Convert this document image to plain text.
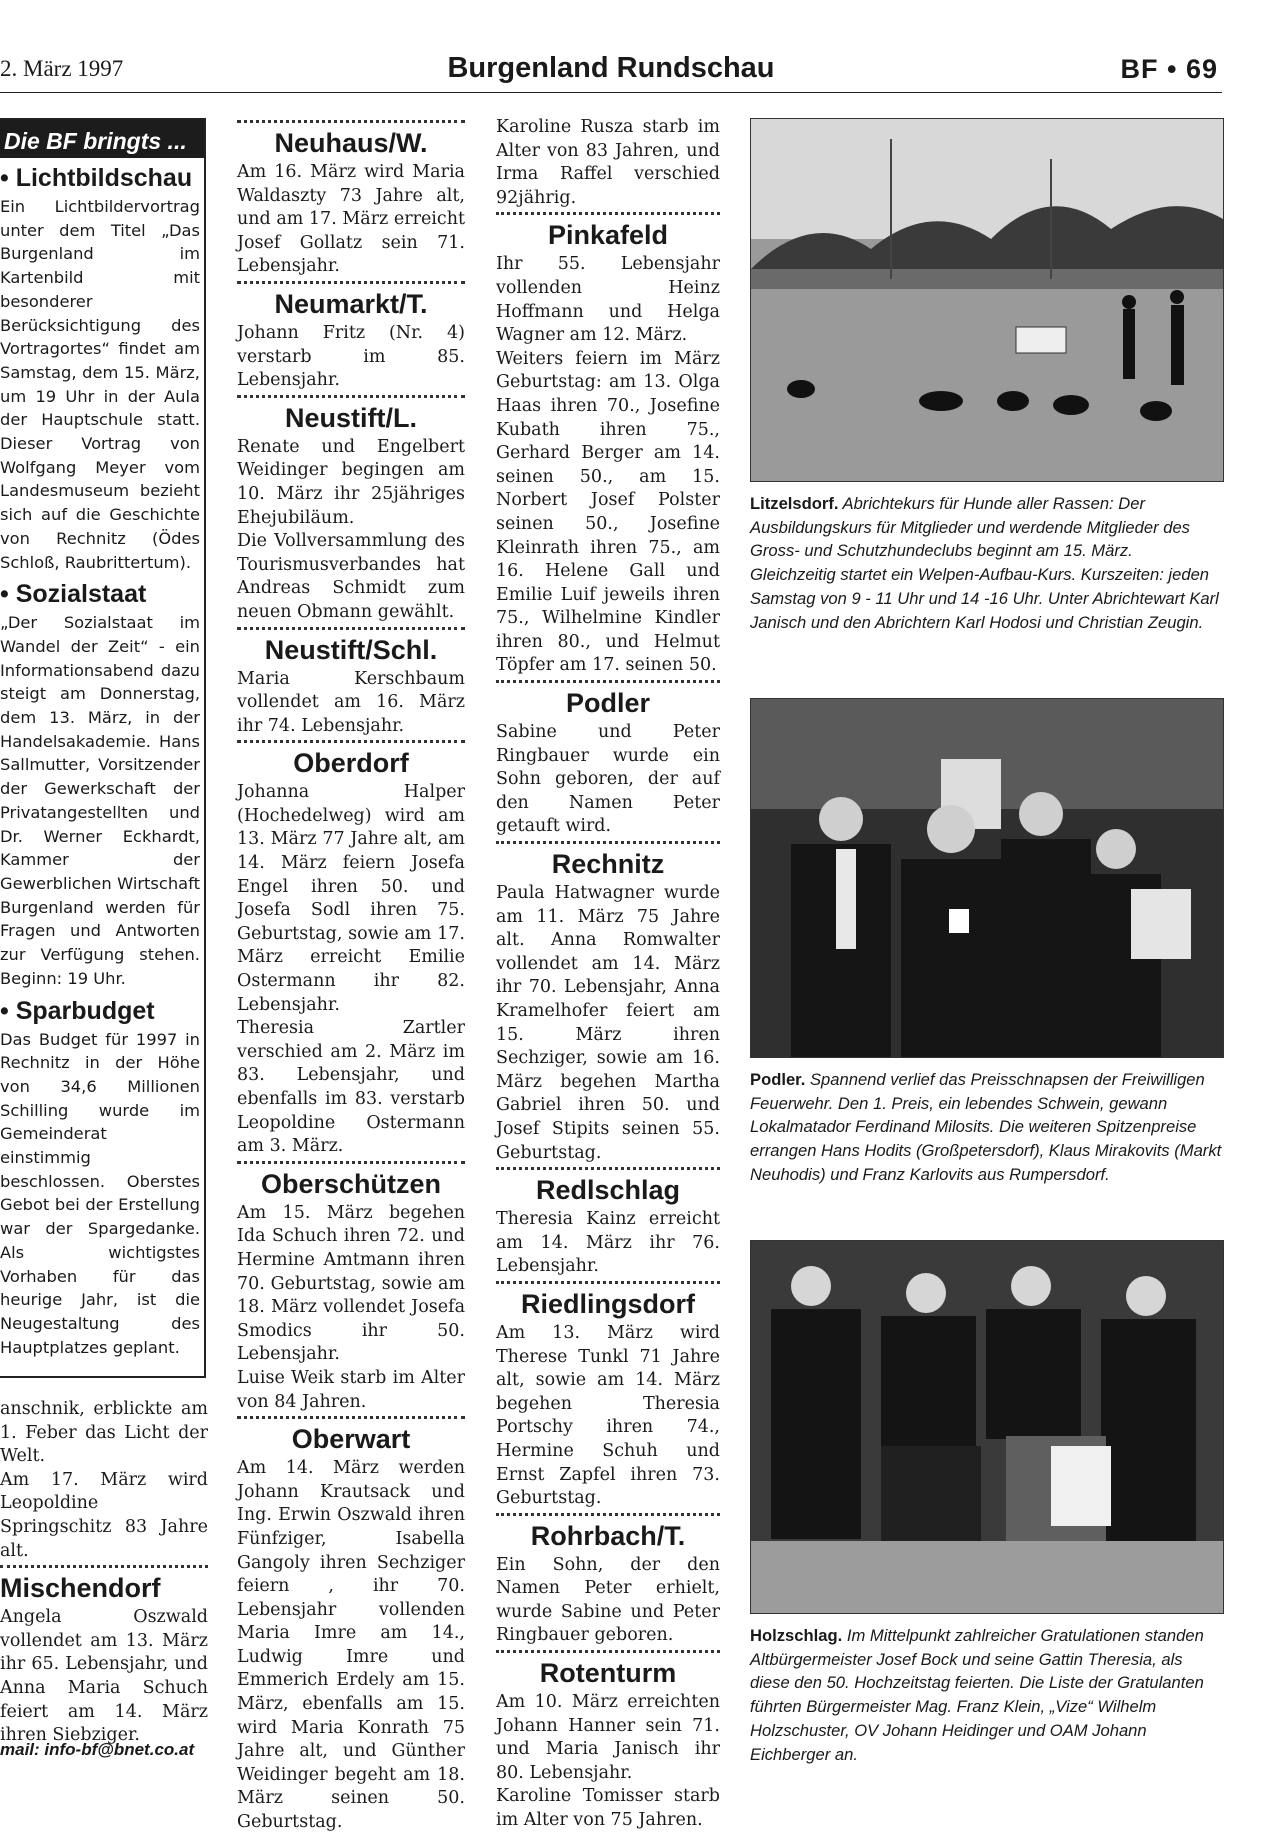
2. März 1997	Burgenland Rundschau	BF • 69
Die BF bringts ...
• Lichtbildschau

Ein Lichtbildervortrag unter dem Titel „Das Burgenland im Kartenbild mit besonderer Berücksichtigung des Vortragortes“ findet am Samstag, dem 15. März, um 19 Uhr in der Aula der Hauptschule statt. Dieser Vortrag von Wolfgang Meyer vom Landesmuseum bezieht sich auf die Geschichte von Rechnitz (Ödes Schloß, Raubrittertum).

• Sozialstaat

„Der Sozialstaat im Wandel der Zeit“ - ein Informationsabend dazu steigt am Donnerstag, dem 13. März, in der Handelsakademie. Hans Sallmutter, Vorsitzender der Gewerkschaft der Privatangestellten und Dr. Werner Eckhardt, Kammer der Gewerblichen Wirtschaft Burgenland werden für Fragen und Antworten zur Verfügung stehen. Beginn: 19 Uhr.

• Sparbudget

Das Budget für 1997 in Rechnitz in der Höhe von 34,6 Millionen Schilling wurde im Gemeinderat einstimmig beschlossen. Oberstes Gebot bei der Erstellung war der Spargedanke. Als wichtigstes Vorhaben für das heurige Jahr, ist die Neugestaltung des Hauptplatzes geplant.

anschnik, erblickte am 1. Feber das Licht der Welt.

Am 17. März wird Leopoldine Springschitz 83 Jahre alt.

Mischendorf

Angela Oszwald vollendet am 13. März ihr 65. Lebensjahr, und Anna Maria Schuch feiert am 14. März ihren Siebziger.

mail: info-bf@bnet.co.at
Neuhaus/W.

Am 16. März wird Maria Waldaszty 73 Jahre alt, und am 17. März erreicht Josef Gollatz sein 71. Lebensjahr.

Neumarkt/T.

Johann Fritz (Nr. 4) verstarb im 85. Lebensjahr.

Neustift/L.

Renate und Engelbert Weidinger begingen am 10. März ihr 25jähriges Ehejubiläum.

Die Vollversammlung des Tourismusverbandes hat Andreas Schmidt zum neuen Obmann gewählt.

Neustift/Schl.

Maria Kerschbaum vollendet am 16. März ihr 74. Lebensjahr.

Oberdorf

Johanna Halper (Hochedelweg) wird am 13. März 77 Jahre alt, am 14. März feiern Josefa Engel ihren 50. und Josefa Sodl ihren 75. Geburtstag, sowie am 17. März erreicht Emilie Ostermann ihr 82. Lebensjahr.

Theresia Zartler verschied am 2. März im 83. Lebensjahr, und ebenfalls im 83. verstarb Leopoldine Ostermann am 3. März.

Oberschützen

Am 15. März begehen Ida Schuch ihren 72. und Hermine Amtmann ihren 70. Geburtstag, sowie am 18. März vollendet Josefa Smodics ihr 50. Lebensjahr.

Luise Weik starb im Alter von 84 Jahren.

Oberwart

Am 14. März werden Johann Krautsack und Ing. Erwin Oszwald ihren Fünfziger, Isabella Gangoly ihren Sechziger feiern , ihr 70. Lebensjahr vollenden Maria Imre am 14., Ludwig Imre und Emmerich Erdely am 15. März, ebenfalls am 15. wird Maria Konrath 75 Jahre alt, und Günther Weidinger begeht am 18. März seinen 50. Geburtstag.

Karoline Rusza starb im Alter von 83 Jahren, und Irma Raffel verschied 92jährig.

Pinkafeld

Ihr 55. Lebensjahr vollenden Heinz Hoffmann und Helga Wagner am 12. März.

Weiters feiern im März Geburtstag: am 13. Olga Haas ihren 70., Josefine Kubath ihren 75., Gerhard Berger am 14. seinen 50., am 15. Norbert Josef Polster seinen 50., Josefine Kleinrath ihren 75., am 16. Helene Gall und Emilie Luif jeweils ihren 75., Wilhelmine Kindler ihren 80., und Helmut Töpfer am 17. seinen 50.

Podler

Sabine und Peter Ringbauer wurde ein Sohn geboren, der auf den Namen Peter getauft wird.

Rechnitz

Paula Hatwagner wurde am 11. März 75 Jahre alt. Anna Romwalter vollendet am 14. März ihr 70. Lebensjahr, Anna Kramelhofer feiert am 15. März ihren Sechziger, sowie am 16. März begehen Martha Gabriel ihren 50. und Josef Stipits seinen 55. Geburtstag.

Redlschlag

Theresia Kainz erreicht am 14. März ihr 76. Lebensjahr.

Riedlingsdorf

Am 13. März wird Therese Tunkl 71 Jahre alt, sowie am 14. März begehen Theresia Portschy ihren 74., Hermine Schuh und Ernst Zapfel ihren 73. Geburtstag.

Rohrbach/T.

Ein Sohn, der den Namen Peter erhielt, wurde Sabine und Peter Ringbauer geboren.

Rotenturm

Am 10. März erreichten Johann Hanner sein 71. und Maria Janisch ihr 80. Lebensjahr.

Karoline Tomisser starb im Alter von 75 Jahren.

Litzelsdorf. Abrichtekurs für Hunde aller Rassen: Der Ausbildungskurs für Mitglieder und werdende Mitglieder des Gross- und Schutzhundeclubs beginnt am 15. März. Gleichzeitig startet ein Welpen-Aufbau-Kurs. Kurszeiten: jeden Samstag von 9 - 11 Uhr und 14 -16 Uhr. Unter Abrichtewart Karl Janisch und den Abrichtern Karl Hodosi und Christian Zeugin.
Podler. Spannend verlief das Preisschnapsen der Freiwilligen Feuerwehr. Den 1. Preis, ein lebendes Schwein, gewann Lokalmatador Ferdinand Milosits. Die weiteren Spitzenpreise errangen Hans Hodits (Großpetersdorf), Klaus Mirakovits (Markt Neuhodis) und Franz Karlovits aus Rumpersdorf.
Holzschlag. Im Mittelpunkt zahlreicher Gratulationen standen Altbürgermeister Josef Bock und seine Gattin Theresia, als diese den 50. Hochzeitstag feierten. Die Liste der Gratulanten führten Bürgermeister Mag. Franz Klein, „Vize“ Wilhelm Holzschuster, OV Johann Heidinger und OAM Johann Eichberger an.
